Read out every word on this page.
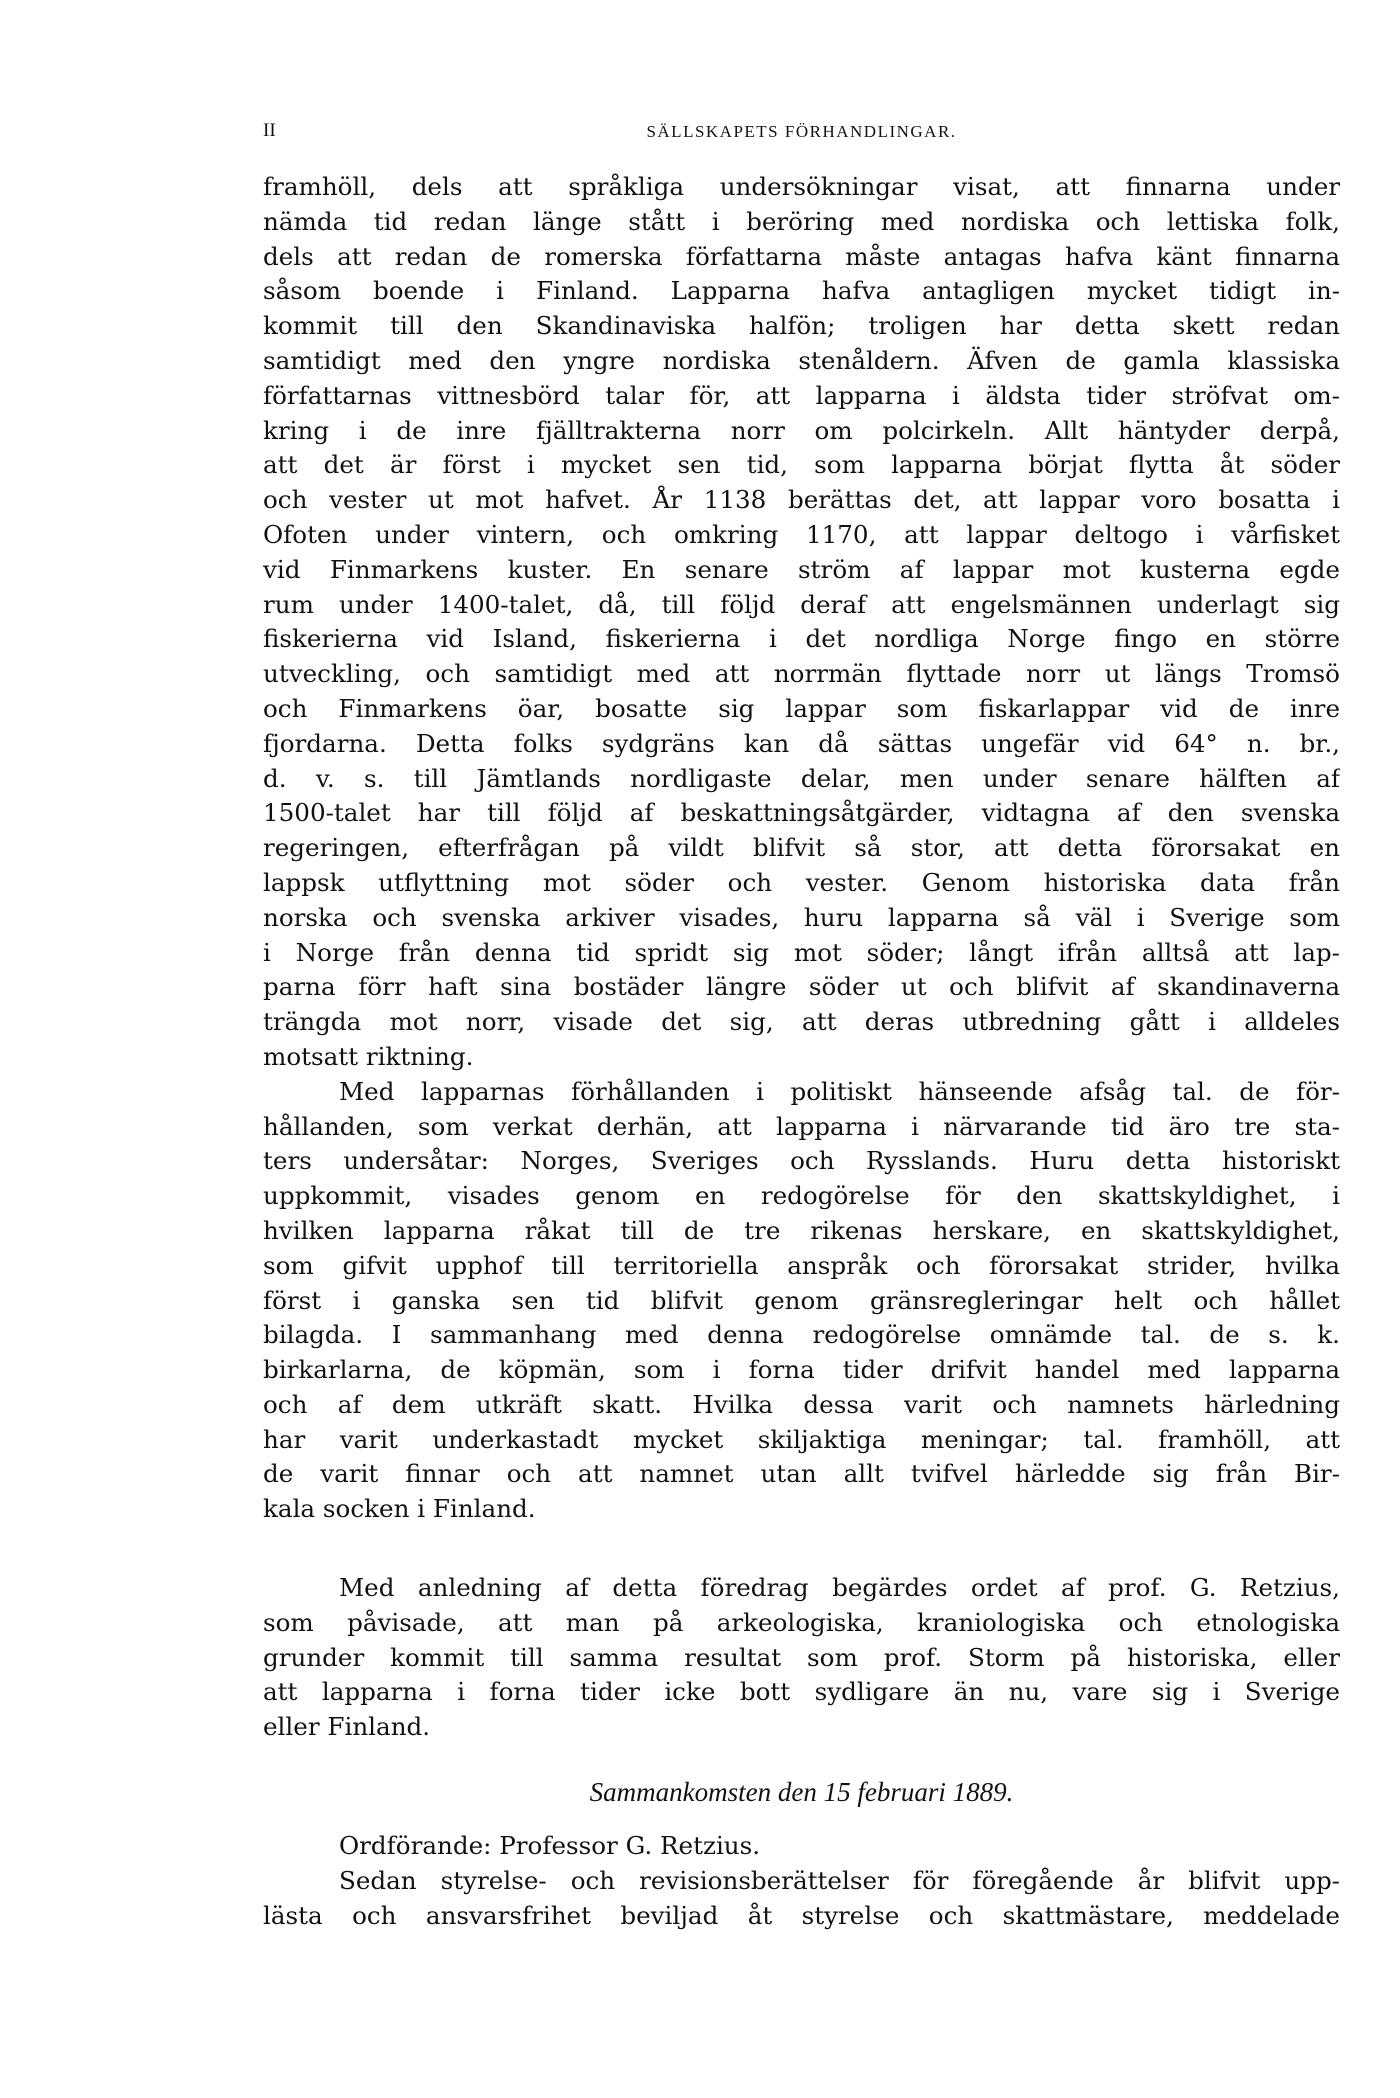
II	SÄLLSKAPETS FÖRHANDLINGAR.
framhöll, dels att språkliga undersökningar visat, att finnarna under
nämda tid redan länge stått i beröring med nordiska och lettiska folk,
dels att redan de romerska författarna måste antagas hafva känt finnarna
såsom boende i Finland. Lapparna hafva antagligen mycket tidigt in-
kommit till den Skandinaviska halfön; troligen har detta skett redan
samtidigt med den yngre nordiska stenåldern. Äfven de gamla klassiska
författarnas vittnesbörd talar för, att lapparna i äldsta tider ströfvat om-
kring i de inre fjälltrakterna norr om polcirkeln. Allt häntyder derpå,
att det är först i mycket sen tid, som lapparna börjat flytta åt söder
och vester ut mot hafvet. År 1138 berättas det, att lappar voro bosatta i
Ofoten under vintern, och omkring 1170, att lappar deltogo i vårfisket
vid Finmarkens kuster. En senare ström af lappar mot kusterna egde
rum under 1400-talet, då, till följd deraf att engelsmännen underlagt sig
fiskerierna vid Island, fiskerierna i det nordliga Norge fingo en större
utveckling, och samtidigt med att norrmän flyttade norr ut längs Tromsö
och Finmarkens öar, bosatte sig lappar som fiskarlappar vid de inre
fjordarna. Detta folks sydgräns kan då sättas ungefär vid 64° n. br.,
d. v. s. till Jämtlands nordligaste delar, men under senare hälften af
1500-talet har till följd af beskattningsåtgärder, vidtagna af den svenska
regeringen, efterfrågan på vildt blifvit så stor, att detta förorsakat en
lappsk utflyttning mot söder och vester. Genom historiska data från
norska och svenska arkiver visades, huru lapparna så väl i Sverige som
i Norge från denna tid spridt sig mot söder; långt ifrån alltså att lap-
parna förr haft sina bostäder längre söder ut och blifvit af skandinaverna
trängda mot norr, visade det sig, att deras utbredning gått i alldeles
motsatt riktning.
Med lapparnas förhållanden i politiskt hänseende afsåg tal. de för-
hållanden, som verkat derhän, att lapparna i närvarande tid äro tre sta-
ters undersåtar: Norges, Sveriges och Rysslands. Huru detta historiskt
uppkommit, visades genom en redogörelse för den skattskyldighet, i
hvilken lapparna råkat till de tre rikenas herskare, en skattskyldighet,
som gifvit upphof till territoriella anspråk och förorsakat strider, hvilka
först i ganska sen tid blifvit genom gränsregleringar helt och hållet
bilagda. I sammanhang med denna redogörelse omnämde tal. de s. k.
birkarlarna, de köpmän, som i forna tider drifvit handel med lapparna
och af dem utkräft skatt. Hvilka dessa varit och namnets härledning
har varit underkastadt mycket skiljaktiga meningar; tal. framhöll, att
de varit finnar och att namnet utan allt tvifvel härledde sig från Bir-
kala socken i Finland.
Med anledning af detta föredrag begärdes ordet af prof. G. Retzius,
som påvisade, att man på arkeologiska, kraniologiska och etnologiska
grunder kommit till samma resultat som prof. Storm på historiska, eller
att lapparna i forna tider icke bott sydligare än nu, vare sig i Sverige
eller Finland.
Sammankomsten den 15 februari 1889.
Ordförande: Professor G. Retzius.
Sedan styrelse- och revisionsberättelser för föregående år blifvit upp-
lästa och ansvarsfrihet beviljad åt styrelse och skattmästare, meddelade
